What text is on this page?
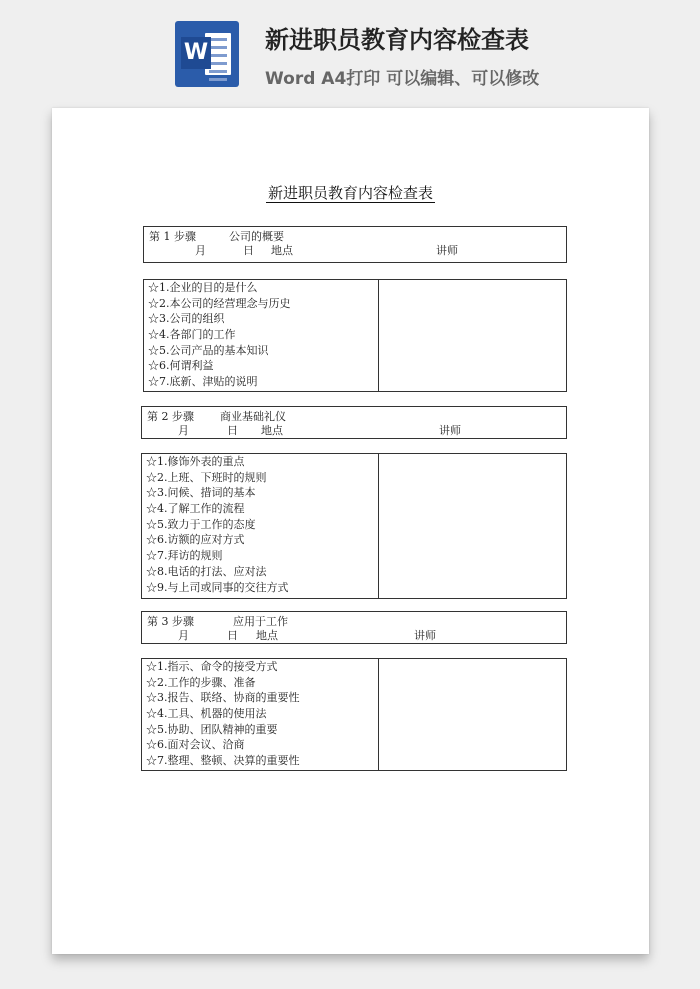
W 新进职员教育内容检查表
Word A4打印 可以编辑、可以修改
新进职员教育内容检查表
第 1 步骤	公司的概要
月	日 地点	讲师
☆1.企业的目的是什么
☆2.本公司的经营理念与历史
☆3.公司的组织
☆4.各部门的工作
☆5.公司产品的基本知识
☆6.何谓利益
☆7.底新、津贴的说明
第 2 步骤 商业基础礼仪
月	日 地点	讲师
☆1.修饰外表的重点
☆2.上班、下班时的规则
☆3.问候、措词的基本
☆4.了解工作的流程
☆5.致力于工作的态度
☆6.访额的应对方式
☆7.拜访的规则
☆8.电话的打法、应对法
☆9.与上司或同事的交往方式
第 3 步骤	应用于工作
月	日 地点	讲师
☆1.指示、命令的接受方式
☆2.工作的步骤、准备
☆3.报告、联络、协商的重要性
☆4.工具、机器的使用法
☆5.协助、团队精神的重要
☆6.面对会议、洽商
☆7.整理、整顿、决算的重要性
